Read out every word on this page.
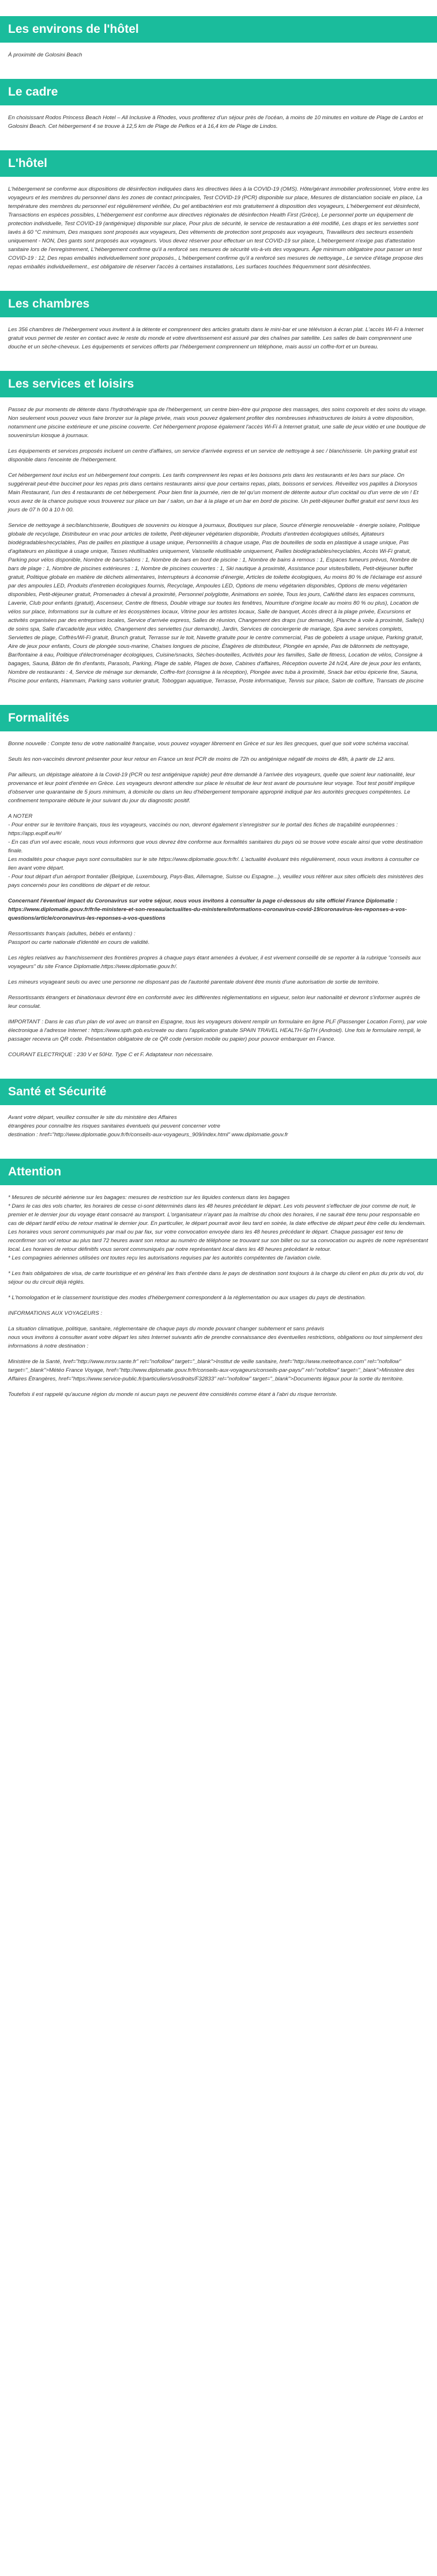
Les environs de l'hôtel

À proximité de Golosini Beach

Le cadre

En choisissant Rodos Princess Beach Hotel – All Inclusive à Rhodes, vous profiterez d'un séjour près de l'océan, à moins de 10 minutes en voiture de Plage de Lardos et Golosini Beach. Cet hébergement 4 se trouve à 12,5 km de Plage de Pefkos et à 16,4 km de Plage de Lindos.

L'hôtel

L'hébergement se conforme aux dispositions de désinfection indiquées dans les directives liées à la COVID-19 (OMS). Hôte/gérant immobilier professionnel, Votre entre les voyageurs et les membres du personnel dans les zones de contact principales, Test COVID-19 (PCR) disponible sur place, Mesures de distanciation sociale en place, La température des membres du personnel est régulièrement vérifiée, Du gel antibactérien est mis gratuitement à disposition des voyageurs, L'hébergement est désinfecté, Transactions en espèces possibles, L'hébergement est conforme aux directives régionales de désinfection Health First (Grèce), Le personnel porte un équipement de protection individuelle, Test COVID-19 (antigénique) disponible sur place, Pour plus de sécurité, le service de restauration a été modifié, Les draps et les serviettes sont lavés à 60 °C minimum, Des masques sont proposés aux voyageurs, Des vêtements de protection sont proposés aux voyageurs, Travailleurs des secteurs essentiels uniquement - NON, Des gants sont proposés aux voyageurs. Vous devez réserver pour effectuer un test COVID-19 sur place, L'hébergement n'exige pas d'attestation sanitaire lors de l'enregistrement, L'hébergement confirme qu'il a renforcé ses mesures de sécurité vis-à-vis des voyageurs. Âge minimum obligatoire pour passer un test COVID-19 : 12, Des repas emballés individuellement sont proposés., L'hébergement confirme qu'il a renforcé ses mesures de nettoyage., Le service d'étage propose des repas emballés individuellement., est obligatoire de réserver l'accès à certaines installations, Les surfaces touchées fréquemment sont désinfectées.

Les chambres

Les 356 chambres de l'hébergement vous invitent à la détente et comprennent des articles gratuits dans le mini-bar et une télévision à écran plat. L'accès Wi-Fi à Internet gratuit vous permet de rester en contact avec le reste du monde et votre divertissement est assuré par des chaînes par satellite. Les salles de bain comprennent une douche et un sèche-cheveux. Les équipements et services offerts par l'hébergement comprennent un téléphone, mais aussi un coffre-fort et un bureau.

Les services et loisirs

Passez de pur moments de détente dans l'hydrothérapie spa de l'hébergement, un centre bien-être qui propose des massages, des soins corporels et des soins du visage. Non seulement vous pouvez vous faire bronzer sur la plage privée, mais vous pouvez également profiter des nombreuses infrastructures de loisirs à votre disposition, notamment une piscine extérieure et une piscine couverte. Cet hébergement propose également l'accès Wi-Fi à Internet gratuit, une salle de jeux vidéo et une boutique de souvenirs/un kiosque à journaux.

Les équipements et services proposés incluent un centre d'affaires, un service d'arrivée express et un service de nettoyage à sec / blanchisserie. Un parking gratuit est disponible dans l'enceinte de l'hébergement.

Cet hébergement tout inclus est un hébergement tout compris. Les tarifs comprennent les repas et les boissons pris dans les restaurants et les bars sur place. On suggérerait peut-être buccinet pour les repas pris dans certains restaurants ainsi que pour certains repas, plats, boissons et services. Réveillez vos papilles à Dionysos Main Restaurant, l'un des 4 restaurants de cet hébergement. Pour bien finir la journée, rien de tel qu'un moment de détente autour d'un cocktail ou d'un verre de vin ! Et vous avez de la chance puisque vous trouverez sur place un bar / salon, un bar à la plage et un bar en bord de piscine. Un petit-déjeuner buffet gratuit est servi tous les jours de 07 h 00 à 10 h 00.

Service de nettoyage à sec/blanchisserie, Boutiques de souvenirs ou kiosque à journaux, Boutiques sur place, Source d'énergie renouvelable - énergie solaire, Politique globale de recyclage, Distributeur en vrac pour articles de toilette, Petit-déjeuner végétarien disponible, Produits d'entretien écologiques utilisés, Ajitateurs biodégradables/recyclables, Pas de pailles en plastique à usage unique, Personnel/ils à chaque usage, Pas de bouteilles de soda en plastique à usage unique, Pas d'agitateurs en plastique à usage unique, Tasses réutilisables uniquement, Vaisselle réutilisable uniquement, Pailles biodégradables/recyclables, Accès Wi-Fi gratuit, Parking pour vélos disponible, Nombre de bars/salons : 1, Nombre de bars en bord de piscine : 1, Nombre de bains à remous : 1, Espaces fumeurs prévus, Nombre de bars de plage : 1, Nombre de piscines extérieures : 1, Nombre de piscines couvertes : 1, Ski nautique à proximité, Assistance pour visites/billets, Petit-déjeuner buffet gratuit, Politique globale en matière de déchets alimentaires, Interrupteurs à économie d'énergie, Articles de toilette écologiques, Au moins 80 % de l'éclairage est assuré par des ampoules LED, Produits d'entretien écologiques fournis, Recyclage, Ampoules LED, Options de menu végétarien disponibles, Options de menu végétarien disponibles, Petit-déjeuner gratuit, Promenades à cheval à proximité, Personnel polyglotte, Animations en soirée, Tous les jours, Café/thé dans les espaces communs, Laverie, Club pour enfants (gratuit), Ascenseur, Centre de fitness, Double vitrage sur toutes les fenêtres, Nourriture d'origine locale au moins 80 % ou plus), Location de vélos sur place, Informations sur la culture et les écosystèmes locaux, Vitrine pour les artistes locaux, Salle de banquet, Accès direct à la plage privée, Excursions et activités organisées par des entreprises locales, Service d'arrivée express, Salles de réunion, Changement des draps (sur demande), Planche à voile à proximité, Salle(s) de soins spa, Salle d'arcade/de jeux vidéo, Changement des serviettes (sur demande), Jardin, Services de conciergerie de mariage, Spa avec services complets, Serviettes de plage, Coffrès/Wi-Fi gratuit, Brunch gratuit, Terrasse sur le toit, Navette gratuite pour le centre commercial, Pas de gobelets à usage unique, Parking gratuit, Aire de jeux pour enfants, Cours de plongée sous-marine, Chaises longues de piscine, Étagères de distributeur, Plongée en apnée, Pas de bâtonnets de nettoyage, Bar/fontaine à eau, Politique d'électroménager écologiques, Cuisine/snacks, Sèches-bouteilles, Activités pour les familles, Salle de fitness, Location de vélos, Consigne à bagages, Sauna, Bâton de fin d'enfants, Parasols, Parking, Plage de sable, Plages de boxe, Cabines d'affaires, Réception ouverte 24 h/24, Aire de jeux pour les enfants, Nombre de restaurants : 4, Service de ménage sur demande, Coffre-fort (consigne à la réception), Plongée avec tuba à proximité, Snack bar et/ou épicerie fine, Sauna, Piscine pour enfants, Hammam, Parking sans voiturier gratuit, Toboggan aquatique, Terrasse, Poste informatique, Tennis sur place, Salon de coiffure, Transats de piscine

Formalités

Bonne nouvelle : Compte tenu de votre nationalité française, vous pouvez voyager librement en Grèce et sur les îles grecques, quel que soit votre schéma vaccinal.

Seuls les non-vaccinés devront présenter pour leur retour en France un test PCR de moins de 72h ou antigénique négatif de moins de 48h, à partir de 12 ans.

Par ailleurs, un dépistage aléatoire à la Covid-19 (PCR ou test antigénique rapide) peut être demandé à l'arrivée des voyageurs, quelle que soient leur nationalité, leur provenance et leur point d'entrée en Grèce. Les voyageurs devront attendre sur place le résultat de leur test avant de poursuivre leur voyage. Tout test positif implique d'observer une quarantaine de 5 jours minimum, à domicile ou dans un lieu d'hébergement temporaire approprié indiqué par les autorités grecques compétentes. Le confinement temporaire débute le jour suivant du jour du diagnostic positif.

A NOTER
- Pour entrer sur le territoire français, tous les voyageurs, vaccinés ou non, devront également s'enregistrer sur le portail des fiches de traçabilité européennes : https://app.euplf.eu/#/
- En cas d'un vol avec escale, nous vous informons que vous devrez être conforme aux formalités sanitaires du pays où se trouve votre escale ainsi que votre destination finale.
Les modalités pour chaque pays sont consultables sur le site https://www.diplomatie.gouv.fr/fr/. L'actualité évoluant très régulièrement, nous vous invitons à consulter ce lien avant votre départ.
- Pour tout départ d'un aéroport frontalier (Belgique, Luxembourg, Pays-Bas, Allemagne, Suisse ou Espagne...), veuillez vous référer aux sites officiels des ministères des pays concernés pour les conditions de départ et de retour.

Concernant l'éventuel impact du Coronavirus sur votre séjour, nous vous invitons à consulter la page ci-dessous du site officiel France Diplomatie :
https://www.diplomatie.gouv.fr/fr/le-ministere-et-son-reseau/actualites-du-ministere/informations-coronavirus-covid-19/coronavirus-les-reponses-a-vos-questions/article/coronavirus-les-reponses-a-vos-questions

Ressortissants français (adultes, bébés et enfants) :
Passport ou carte nationale d'identité en cours de validité.

Les règles relatives au franchissement des frontières propres à chaque pays étant amenées à évoluer, il est vivement conseillé de se reporter à la rubrique "conseils aux voyageurs" du site France Diplomatie.https://www.diplomatie.gouv.fr/.

Les mineurs voyageant seuls ou avec une personne ne disposant pas de l'autorité parentale doivent être munis d'une autorisation de sortie de territoire.

Ressortissants étrangers et binationaux devront être en conformité avec les différentes réglementations en vigueur, selon leur nationalité et devront s'informer auprès de leur consulat.

IMPORTANT : Dans le cas d'un plan de vol avec un transit en Espagne, tous les voyageurs doivent remplir un formulaire en ligne PLF (Passenger Location Form), par voie électronique à l'adresse Internet : https://www.spth.gob.es/create ou dans l'application gratuite SPAIN TRAVEL HEALTH-SpTH (Android). Une fois le formulaire rempli, le passager recevra un QR code. Présentation obligatoire de ce QR code (version mobile ou papier) pour pouvoir embarquer en France.

COURANT ELECTRIQUE : 230 V et 50Hz. Type C et F. Adaptateur non nécessaire.

Santé et Sécurité

Avant votre départ, veuillez consulter le site du ministère des Affaires
étrangères pour connaître les risques sanitaires éventuels qui peuvent concerner votre
destination : href="http://www.diplomatie.gouv.fr/fr/conseils-aux-voyageurs_909/index.html" www.diplomatie.gouv.fr

Attention

* Mesures de sécurité aérienne sur les bagages: mesures de restriction sur les liquides contenus dans les bagages
* Dans le cas des vols charter, les horaires de cesse ci-sont déterminés dans les 48 heures précédant le départ. Les vols peuvent s'effectuer de jour comme de nuit, le premier et le dernier jour du voyage étant consacré au transport. L'organisateur n'ayant pas la maîtrise du choix des horaires, il ne saurait être tenu pour responsable en cas de départ tardif et/ou de retour matinal le dernier jour. En particulier, le départ pourrait avoir lieu tard en soirée, la date effective de départ peut être celle du lendemain. Les horaires vous seront communiqués par mail ou par fax, sur votre convocation envoyée dans les 48 heures précédant le départ. Chaque passager est tenu de reconfirmer son vol retour au plus tard 72 heures avant son retour au numéro de téléphone se trouvant sur son billet ou sur sa convocation ou auprès de notre représentant local. Les horaires de retour définitifs vous seront communiqués par notre représentant local dans les 48 heures précédant le retour.
* Les compagnies aériennes utilisées ont toutes reçu les autorisations requises par les autorités compétentes de l'aviation civile.

* Les frais obligatoires de visa, de carte touristique et en général les frais d'entrée dans le pays de destination sont toujours à la charge du client en plus du prix du vol, du séjour ou du circuit déjà réglés.

* L'homologation et le classement touristique des modes d'hébergement correspondent à la réglementation ou aux usages du pays de destination.

INFORMATIONS AUX VOYAGEURS :

La situation climatique, politique, sanitaire, réglementaire de chaque pays du monde pouvant changer subitement et sans préavis
nous vous invitons à consulter avant votre départ les sites Internet suivants afin de prendre connaissance des éventuelles restrictions, obligations ou tout simplement des informations à notre destination :

Ministère de la Santé, href="http://www.mrsv.sante.fr" rel="nofollow" target="_blank">Institut de veille sanitaire, href="http://www.meteofrance.com" rel="nofollow" target="_blank">Météo France Voyage, href="http://www.diplomatie.gouv.fr/fr/conseils-aux-voyageurs/conseils-par-pays/" rel="nofollow" target="_blank">Ministère des Affaires Étrangères, href="https://www.service-public.fr/particuliers/vosdroits/F32833" rel="nofollow" target="_blank">Documents légaux pour la sortie du territoire.

Toutefois il est rappelé qu'aucune région du monde ni aucun pays ne peuvent être considérés comme étant à l'abri du risque terroriste.
